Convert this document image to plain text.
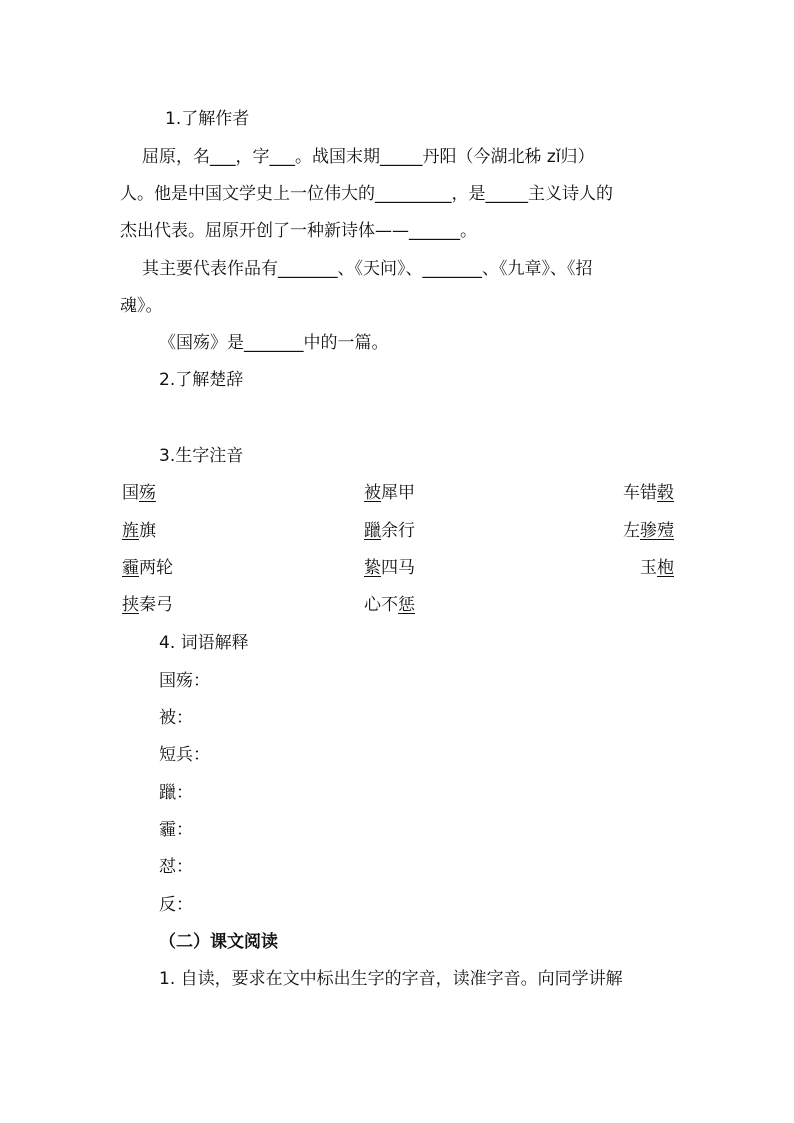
1.了解作者
屈原，名___，字___。战国末期_____丹阳（今湖北秭 zǐ归）
人。他是中国文学史上一位伟大的_________，是_____主义诗人的
杰出代表。屈原开创了一种新诗体——______。
其主要代表作品有_______、《天问》、_______、《九章》、《招
魂》。
《国殇》是_______中的一篇。
2.了解楚辞
3.生字注音
国殇	被犀甲	车错毂
旌旗	躐余行	左骖殪
霾两轮	絷四马	玉枹
挟秦弓	心不惩
4. 词语解释
国殇：
被：
短兵：
躐：
霾：
怼：
反：
（二）课文阅读
1. 自读，要求在文中标出生字的字音，读准字音。向同学讲解
